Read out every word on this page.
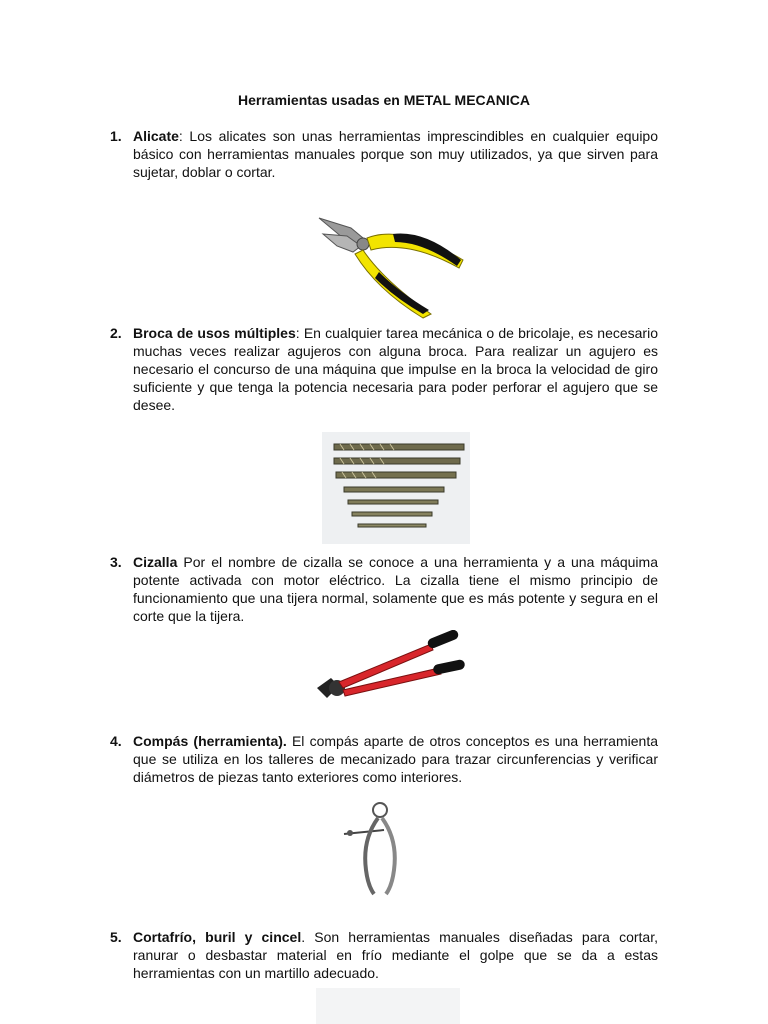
Herramientas usadas en METAL MECANICA
1. Alicate: Los alicates son unas herramientas imprescindibles en cualquier equipo básico con herramientas manuales porque son muy utilizados, ya que sirven para sujetar, doblar o cortar.
2. Broca de usos múltiples: En cualquier tarea mecánica o de bricolaje, es necesario muchas veces realizar agujeros con alguna broca. Para realizar un agujero es necesario el concurso de una máquina que impulse en la broca la velocidad de giro suficiente y que tenga la potencia necesaria para poder perforar el agujero que se desee.
3. Cizalla Por el nombre de cizalla se conoce a una herramienta y a una máquima potente activada con motor eléctrico. La cizalla tiene el mismo principio de funcionamiento que una tijera normal, solamente que es más potente y segura en el corte que la tijera.
4. Compás (herramienta). El compás aparte de otros conceptos es una herramienta que se utiliza en los talleres de mecanizado para trazar circunferencias y verificar diámetros de piezas tanto exteriores como interiores.
5. Cortafrío, buril y cincel. Son herramientas manuales diseñadas para cortar, ranurar o desbastar material en frío mediante el golpe que se da a estas herramientas con un martillo adecuado.
